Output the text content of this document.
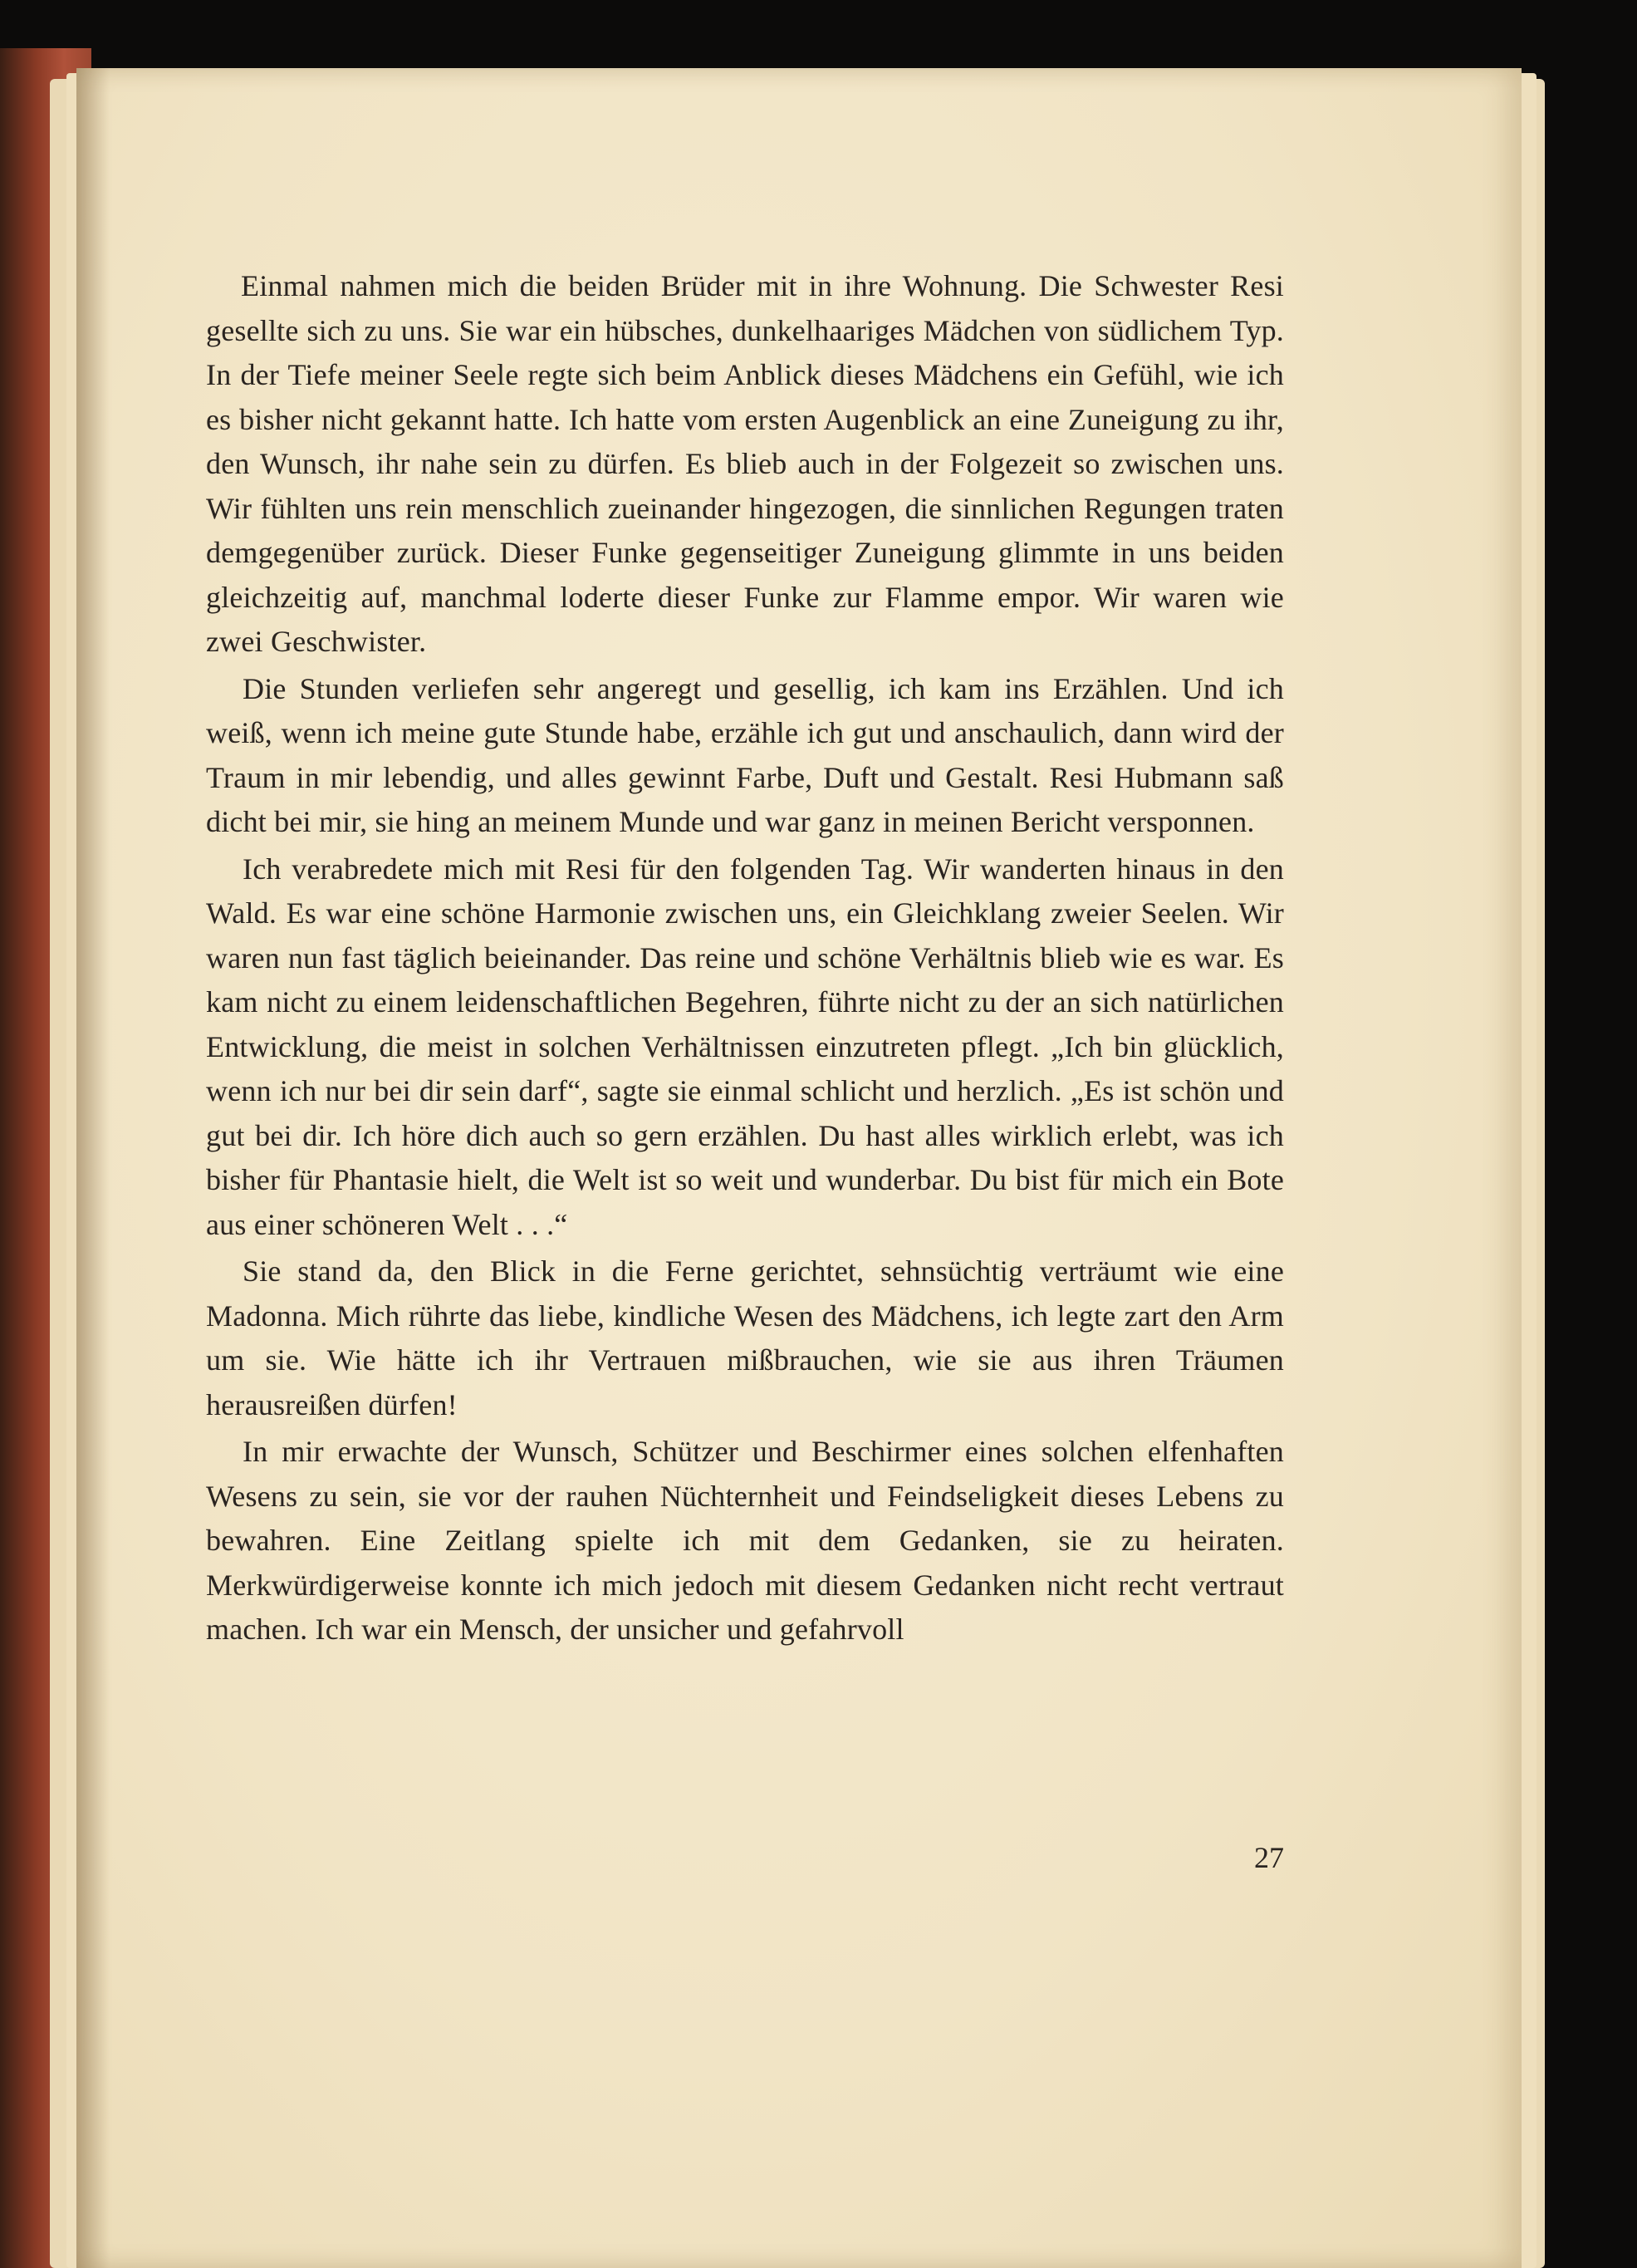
Einmal nahmen mich die beiden Brüder mit in ihre Wohnung. Die Schwester Resi gesellte sich zu uns. Sie war ein hübsches, dunkelhaariges Mädchen von südlichem Typ. In der Tiefe meiner Seele regte sich beim Anblick dieses Mädchens ein Gefühl, wie ich es bisher nicht gekannt hatte. Ich hatte vom ersten Augenblick an eine Zuneigung zu ihr, den Wunsch, ihr nahe sein zu dürfen. Es blieb auch in der Folgezeit so zwischen uns. Wir fühlten uns rein menschlich zueinander hingezogen, die sinnlichen Regungen traten demgegenüber zurück. Dieser Funke gegenseitiger Zuneigung glimmte in uns beiden gleichzeitig auf, manchmal loderte dieser Funke zur Flamme empor. Wir waren wie zwei Geschwister.

Die Stunden verliefen sehr angeregt und gesellig, ich kam ins Erzählen. Und ich weiß, wenn ich meine gute Stunde habe, erzähle ich gut und anschaulich, dann wird der Traum in mir lebendig, und alles gewinnt Farbe, Duft und Gestalt. Resi Hubmann saß dicht bei mir, sie hing an meinem Munde und war ganz in meinen Bericht versponnen.

Ich verabredete mich mit Resi für den folgenden Tag. Wir wanderten hinaus in den Wald. Es war eine schöne Harmonie zwischen uns, ein Gleichklang zweier Seelen. Wir waren nun fast täglich beieinander. Das reine und schöne Verhältnis blieb wie es war. Es kam nicht zu einem leidenschaftlichen Begehren, führte nicht zu der an sich natürlichen Entwicklung, die meist in solchen Verhältnissen einzutreten pflegt. „Ich bin glücklich, wenn ich nur bei dir sein darf“, sagte sie einmal schlicht und herzlich. „Es ist schön und gut bei dir. Ich höre dich auch so gern erzählen. Du hast alles wirklich erlebt, was ich bisher für Phantasie hielt, die Welt ist so weit und wunderbar. Du bist für mich ein Bote aus einer schöneren Welt . . .“

Sie stand da, den Blick in die Ferne gerichtet, sehnsüchtig verträumt wie eine Madonna. Mich rührte das liebe, kindliche Wesen des Mädchens, ich legte zart den Arm um sie. Wie hätte ich ihr Vertrauen mißbrauchen, wie sie aus ihren Träumen herausreißen dürfen!

In mir erwachte der Wunsch, Schützer und Beschirmer eines solchen elfenhaften Wesens zu sein, sie vor der rauhen Nüchternheit und Feindseligkeit dieses Lebens zu bewahren. Eine Zeitlang spielte ich mit dem Gedanken, sie zu heiraten. Merkwürdigerweise konnte ich mich jedoch mit diesem Gedanken nicht recht vertraut machen. Ich war ein Mensch, der unsicher und gefahrvoll

27
